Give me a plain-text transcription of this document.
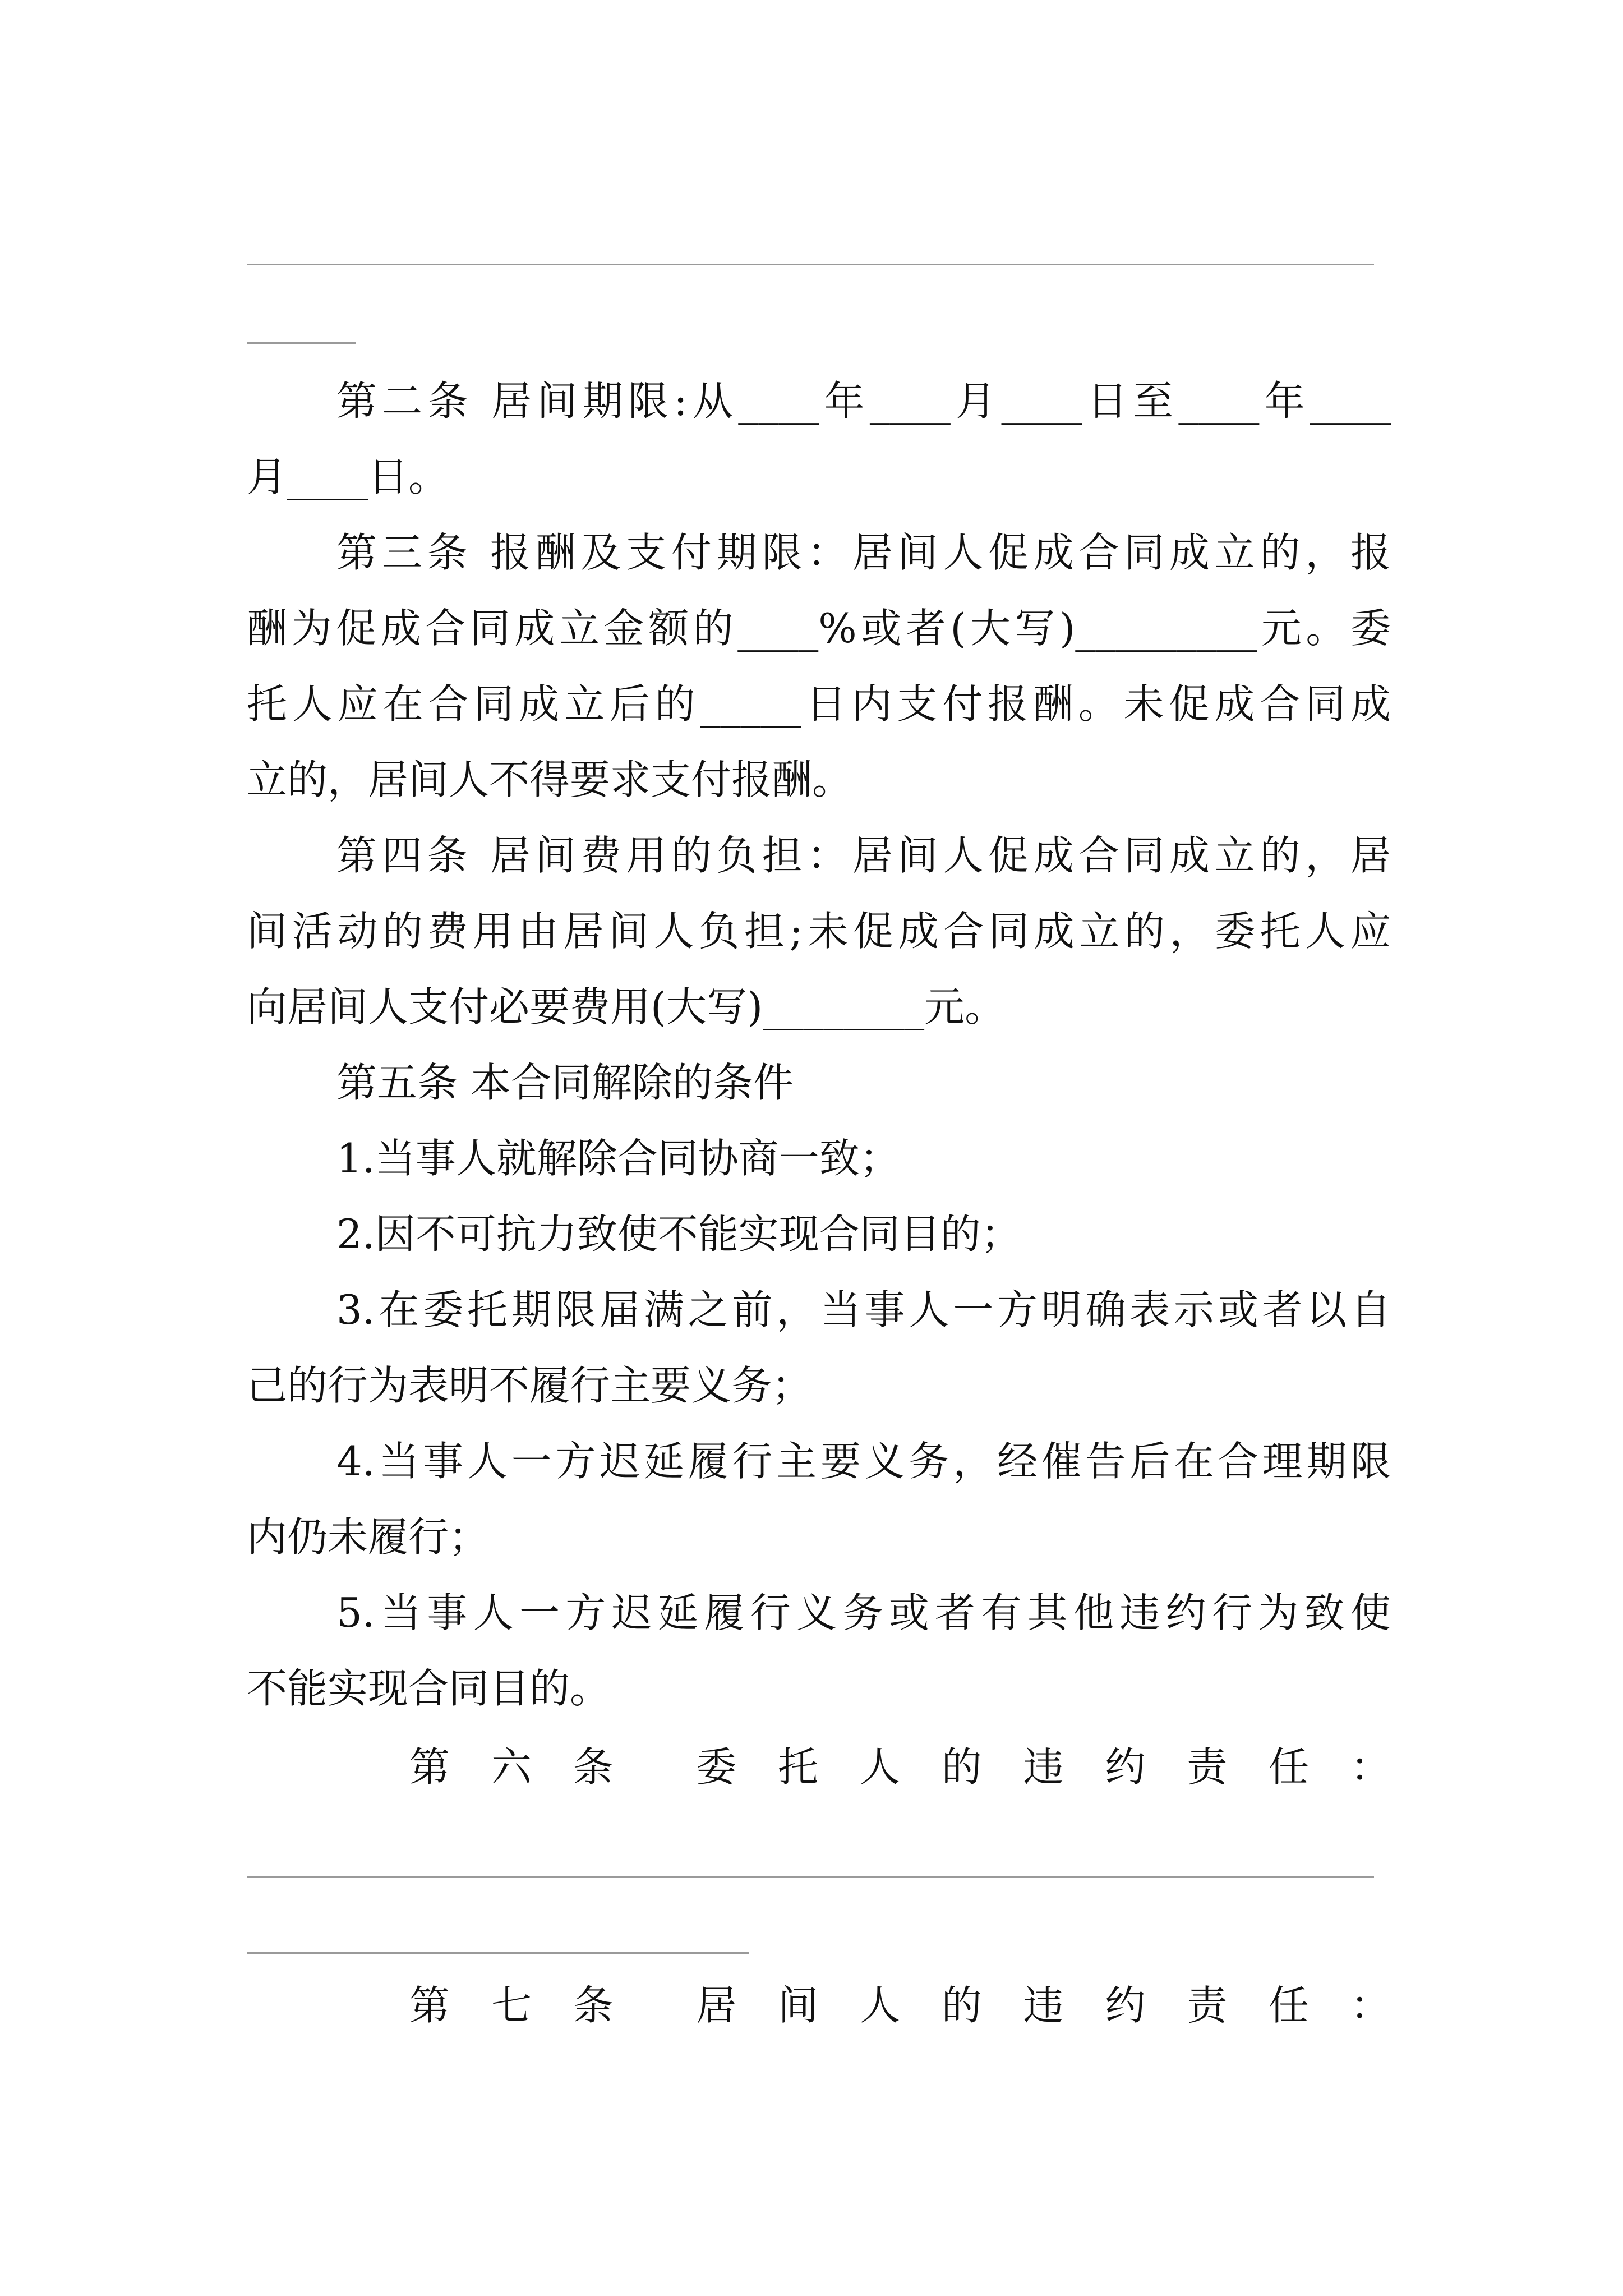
第二条 居间期限:从____年____月____日至____年____
月____日。
第三条 报酬及支付期限：居间人促成合同成立的，报
酬为促成合同成立金额的____%或者(大写)_________元。委
托人应在合同成立后的_____日内支付报酬。未促成合同成
立的，居间人不得要求支付报酬。
第四条 居间费用的负担：居间人促成合同成立的，居
间活动的费用由居间人负担;未促成合同成立的，委托人应
向居间人支付必要费用(大写)________元。
第五条 本合同解除的条件
1.当事人就解除合同协商一致；
2.因不可抗力致使不能实现合同目的；
3.在委托期限届满之前，当事人一方明确表示或者以自
己的行为表明不履行主要义务；
4.当事人一方迟延履行主要义务，经催告后在合理期限
内仍未履行；
5.当事人一方迟延履行义务或者有其他违约行为致使
不能实现合同目的。
第 六 条 委 托 人 的 违 约 责 任 ：
第 七 条 居 间 人 的 违 约 责 任 ：
